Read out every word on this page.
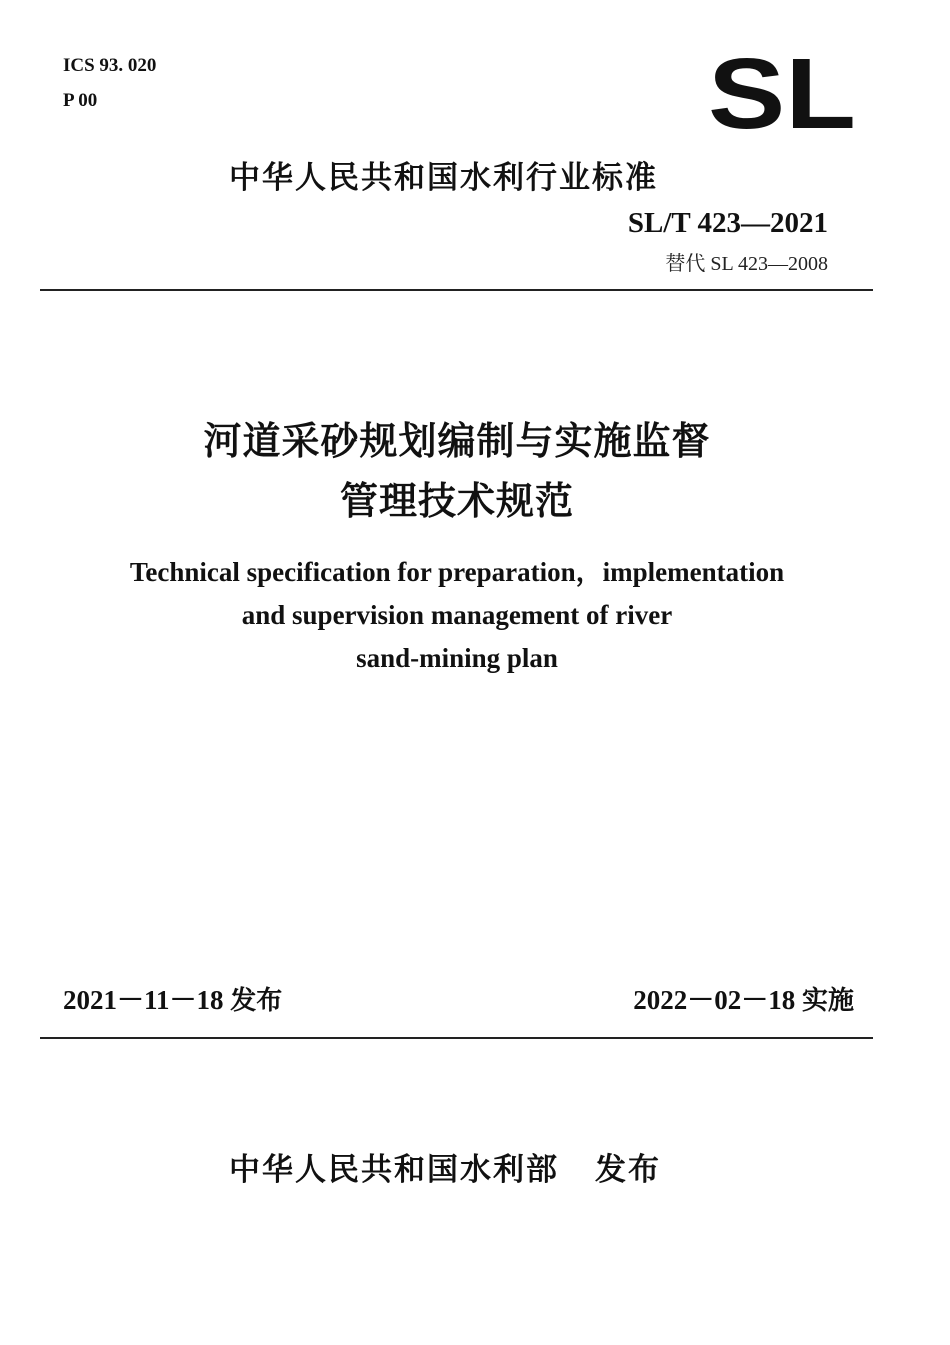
ICS 93. 020
P 00	SL
中华人民共和国水利行业标准
SL/T 423—2021
替代 SL 423—2008
河道采砂规划编制与实施监督
管理技术规范
Technical specification for preparation，implementation
and supervision management of river
sand-mining plan
2021－11－18 发布	2022－02－18 实施
中华人民共和国水利部 发布
